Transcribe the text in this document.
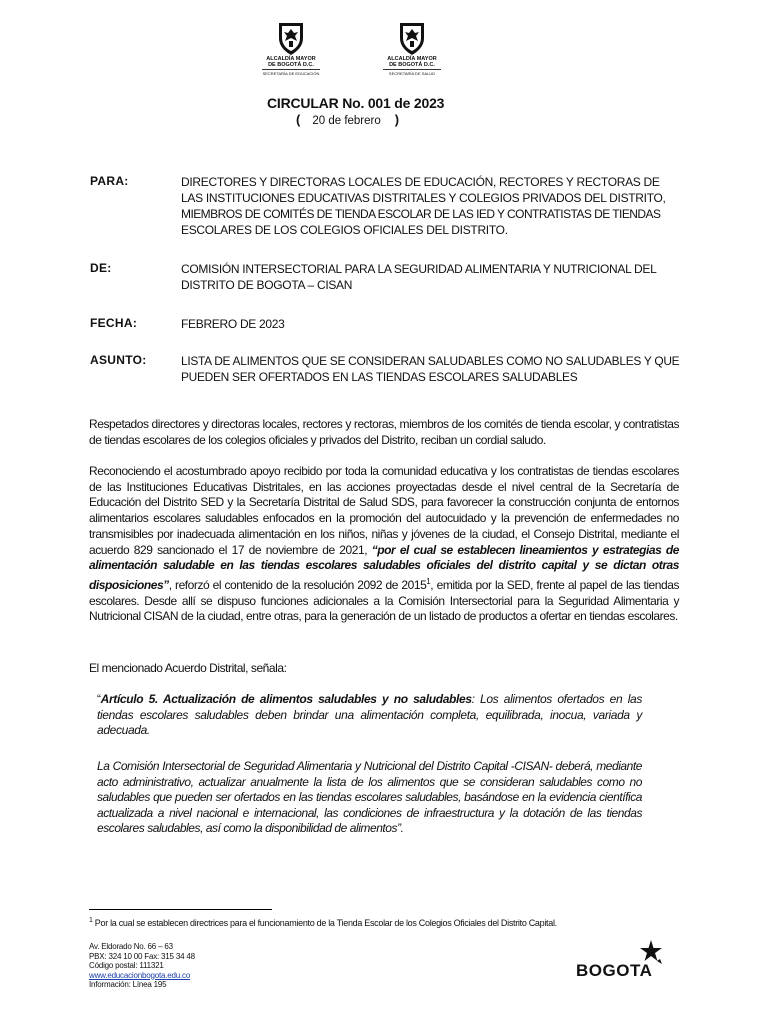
ALCALDÍA MAYOR
DE BOGOTÁ D.C.
SECRETARÍA DE EDUCACIÓN
ALCALDÍA MAYOR
DE BOGOTÁ D.C.
SECRETARÍA DE SALUD
CIRCULAR No. 001 de 2023
( 20 de febrero )
PARA:	DIRECTORES Y DIRECTORAS LOCALES DE EDUCACIÓN, RECTORES Y RECTORAS DE
LAS INSTITUCIONES EDUCATIVAS DISTRITALES Y COLEGIOS PRIVADOS DEL DISTRITO,
MIEMBROS DE COMITÉS DE TIENDA ESCOLAR DE LAS IED Y CONTRATISTAS DE TIENDAS
ESCOLARES DE LOS COLEGIOS OFICIALES DEL DISTRITO.
DE:	COMISIÓN INTERSECTORIAL PARA LA SEGURIDAD ALIMENTARIA Y NUTRICIONAL DEL
DISTRITO DE BOGOTA – CISAN
FECHA:	FEBRERO DE 2023
ASUNTO:	LISTA DE ALIMENTOS QUE SE CONSIDERAN SALUDABLES COMO NO SALUDABLES Y QUE
PUEDEN SER OFERTADOS EN LAS TIENDAS ESCOLARES SALUDABLES
Respetados directores y directoras locales, rectores y rectoras, miembros de los comités de tienda escolar, y contratistas de tiendas escolares de los colegios oficiales y privados del Distrito, reciban un cordial saludo.
Reconociendo el acostumbrado apoyo recibido por toda la comunidad educativa y los contratistas de tiendas escolares de las Instituciones Educativas Distritales, en las acciones proyectadas desde el nivel central de la Secretaría de Educación del Distrito SED y la Secretaría Distrital de Salud SDS, para favorecer la construcción conjunta de entornos alimentarios escolares saludables enfocados en la promoción del autocuidado y la prevención de enfermedades no transmisibles por inadecuada alimentación en los niños, niñas y jóvenes de la ciudad, el Consejo Distrital, mediante el acuerdo 829 sancionado el 17 de noviembre de 2021, “por el cual se establecen lineamientos y estrategias de alimentación saludable en las tiendas escolares saludables oficiales del distrito capital y se dictan otras disposiciones”, reforzó el contenido de la resolución 2092 de 2015$^1$, emitida por la SED, frente al papel de las tiendas escolares. Desde allí se dispuso funciones adicionales a la Comisión Intersectorial para la Seguridad Alimentaria y Nutricional CISAN de la ciudad, entre otras, para la generación de un listado de productos a ofertar en tiendas escolares.
El mencionado Acuerdo Distrital, señala:
“Artículo 5. Actualización de alimentos saludables y no saludables: Los alimentos ofertados en las tiendas escolares saludables deben brindar una alimentación completa, equilibrada, inocua, variada y adecuada.
La Comisión Intersectorial de Seguridad Alimentaria y Nutricional del Distrito Capital -CISAN- deberá, mediante acto administrativo, actualizar anualmente la lista de los alimentos que se consideran saludables como no saludables que pueden ser ofertados en las tiendas escolares saludables, basándose en la evidencia científica actualizada a nivel nacional e internacional, las condiciones de infraestructura y la dotación de las tiendas escolares saludables, así como la disponibilidad de alimentos”.
$^1$ Por la cual se establecen directrices para el funcionamiento de la Tienda Escolar de los Colegios Oficiales del Distrito Capital.
Av. Eldorado No. 66 – 63
PBX: 324 10 00 Fax: 315 34 48
Código postal: 111321
www.educacionbogota.edu.co
Información: Línea 195
BOGOTA
